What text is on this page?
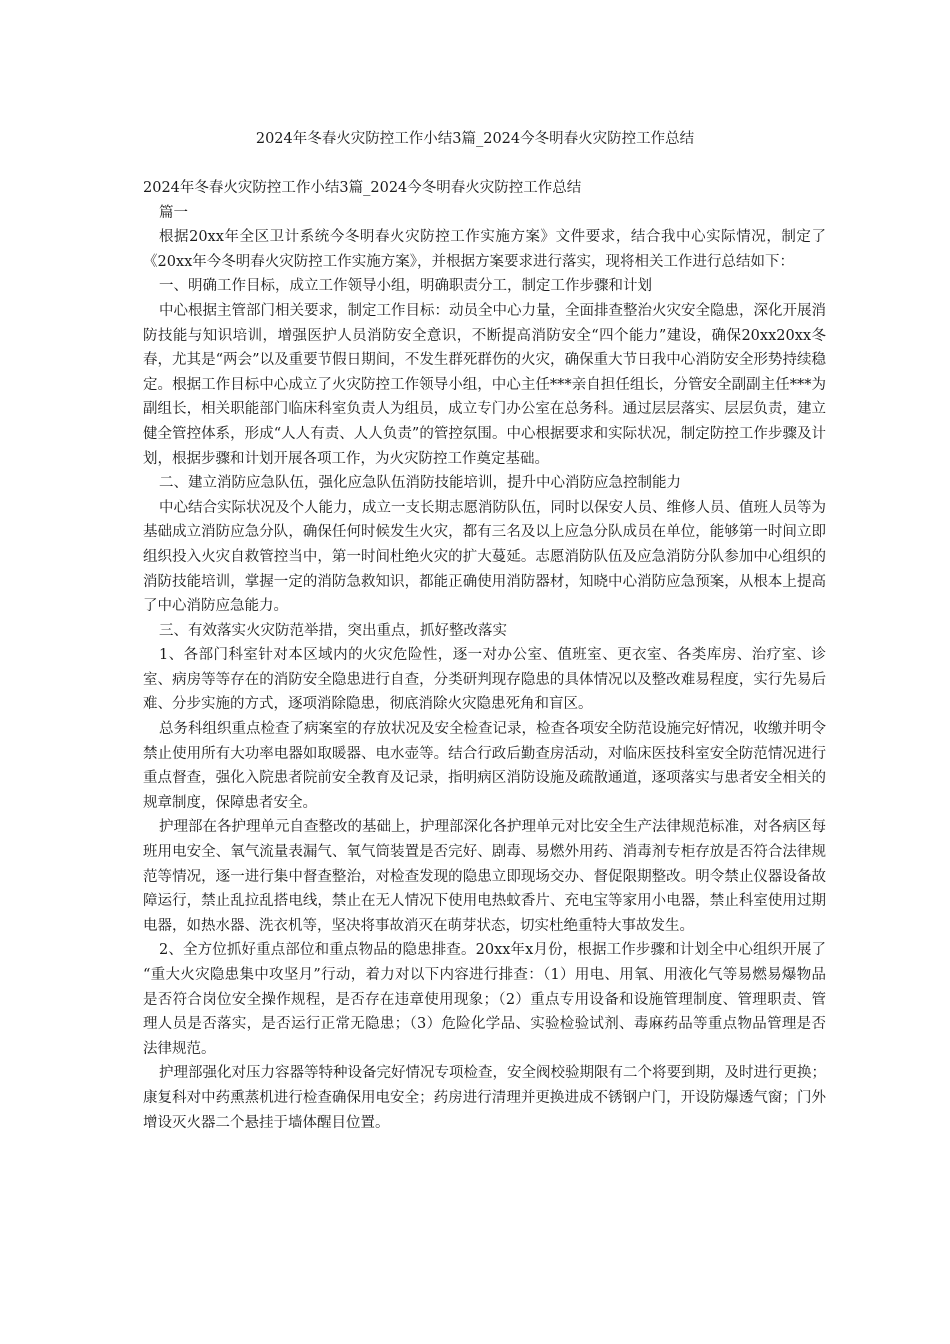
2024年冬春火灾防控工作小结3篇_2024今冬明春火灾防控工作总结

2024年冬春火灾防控工作小结3篇_2024今冬明春火灾防控工作总结

篇一

根据20xx年全区卫计系统今冬明春火灾防控工作实施方案》文件要求，结合我中心实际情况，制定了《20xx年今冬明春火灾防控工作实施方案》，并根据方案要求进行落实，现将相关工作进行总结如下：

一、明确工作目标，成立工作领导小组，明确职责分工，制定工作步骤和计划

中心根据主管部门相关要求，制定工作目标：动员全中心力量，全面排查整治火灾安全隐患，深化开展消防技能与知识培训，增强医护人员消防安全意识，不断提高消防安全“四个能力”建设，确保20xx20xx冬春，尤其是“两会”以及重要节假日期间，不发生群死群伤的火灾，确保重大节日我中心消防安全形势持续稳定。根据工作目标中心成立了火灾防控工作领导小组，中心主任***亲自担任组长，分管安全副副主任***为副组长，相关职能部门临床科室负责人为组员，成立专门办公室在总务科。通过层层落实、层层负责，建立健全管控体系，形成“人人有责、人人负责”的管控氛围。中心根据要求和实际状况，制定防控工作步骤及计划，根据步骤和计划开展各项工作，为火灾防控工作奠定基础。

二、建立消防应急队伍，强化应急队伍消防技能培训，提升中心消防应急控制能力

中心结合实际状况及个人能力，成立一支长期志愿消防队伍，同时以保安人员、维修人员、值班人员等为基础成立消防应急分队，确保任何时候发生火灾，都有三名及以上应急分队成员在单位，能够第一时间立即组织投入火灾自救管控当中，第一时间杜绝火灾的扩大蔓延。志愿消防队伍及应急消防分队参加中心组织的消防技能培训，掌握一定的消防急救知识，都能正确使用消防器材，知晓中心消防应急预案，从根本上提高了中心消防应急能力。

三、有效落实火灾防范举措，突出重点，抓好整改落实

1、各部门科室针对本区域内的火灾危险性，逐一对办公室、值班室、更衣室、各类库房、治疗室、诊室、病房等等存在的消防安全隐患进行自查，分类研判现存隐患的具体情况以及整改难易程度，实行先易后难、分步实施的方式，逐项消除隐患，彻底消除火灾隐患死角和盲区。

总务科组织重点检查了病案室的存放状况及安全检查记录，检查各项安全防范设施完好情况，收缴并明令禁止使用所有大功率电器如取暖器、电水壶等。结合行政后勤查房活动，对临床医技科室安全防范情况进行重点督查，强化入院患者院前安全教育及记录，指明病区消防设施及疏散通道，逐项落实与患者安全相关的规章制度，保障患者安全。

护理部在各护理单元自查整改的基础上，护理部深化各护理单元对比安全生产法律规范标准，对各病区每班用电安全、氧气流量表漏气、氧气筒装置是否完好、剧毒、易燃外用药、消毒剂专柜存放是否符合法律规范等情况，逐一进行集中督查整治，对检查发现的隐患立即现场交办、督促限期整改。明令禁止仪器设备故障运行，禁止乱拉乱搭电线，禁止在无人情况下使用电热蚊香片、充电宝等家用小电器，禁止科室使用过期电器，如热水器、洗衣机等，坚决将事故消灭在萌芽状态，切实杜绝重特大事故发生。

2、全方位抓好重点部位和重点物品的隐患排查。20xx年x月份，根据工作步骤和计划全中心组织开展了 “重大火灾隐患集中攻坚月”行动，着力对以下内容进行排查：（1）用电、用氧、用液化气等易燃易爆物品是否符合岗位安全操作规程，是否存在违章使用现象；（2）重点专用设备和设施管理制度、管理职责、管理人员是否落实，是否运行正常无隐患；（3）危险化学品、实验检验试剂、毒麻药品等重点物品管理是否法律规范。

护理部强化对压力容器等特种设备完好情况专项检查，安全阀校验期限有二个将要到期，及时进行更换；康复科对中药熏蒸机进行检查确保用电安全；药房进行清理并更换进成不锈钢户门，开设防爆透气窗；门外增设灭火器二个悬挂于墙体醒目位置。
